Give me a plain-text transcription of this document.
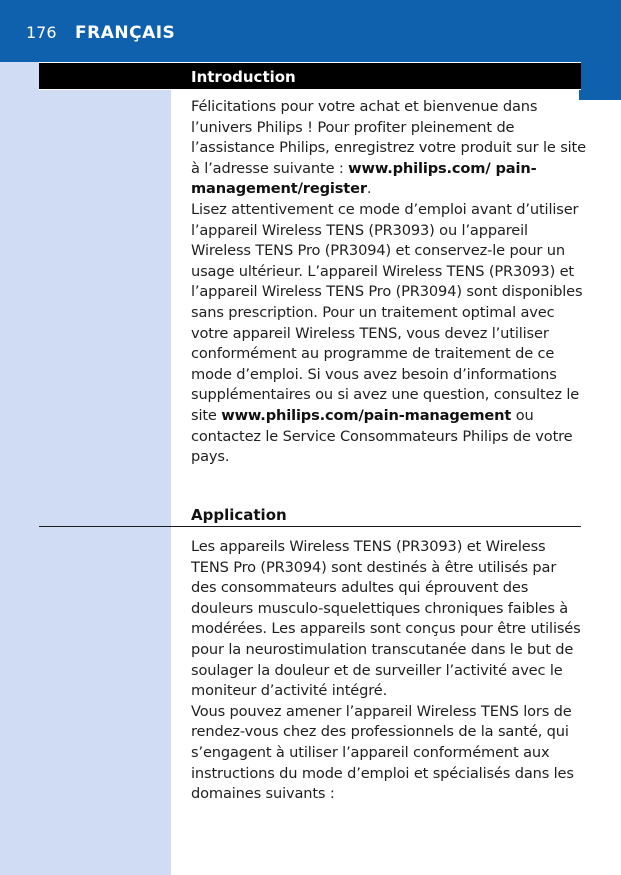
176 FRANÇAIS
Introduction

Félicitations pour votre achat et bienvenue dans l’univers Philips ! Pour profiter pleinement de l’assistance Philips, enregistrez votre produit sur le site à l’adresse suivante : www.philips.com/ pain-management/register.

Lisez attentivement ce mode d’emploi avant d’utiliser l’appareil Wireless TENS (PR3093) ou l’appareil Wireless TENS Pro (PR3094) et conservez-le pour un usage ultérieur. L’appareil Wireless TENS (PR3093) et l’appareil Wireless TENS Pro (PR3094) sont disponibles sans prescription. Pour un traitement optimal avec votre appareil Wireless TENS, vous devez l’utiliser conformément au programme de traitement de ce mode d’emploi. Si vous avez besoin d’informations supplémentaires ou si avez une question, consultez le site www.philips.com/pain-management ou contactez le Service Consommateurs Philips de votre pays.

Application

Les appareils Wireless TENS (PR3093) et Wireless TENS Pro (PR3094) sont destinés à être utilisés par des consommateurs adultes qui éprouvent des douleurs musculo-squelettiques chroniques faibles à modérées. Les appareils sont conçus pour être utilisés pour la neurostimulation transcutanée dans le but de soulager la douleur et de surveiller l’activité avec le moniteur d’activité intégré.

Vous pouvez amener l’appareil Wireless TENS lors de rendez-vous chez des professionnels de la santé, qui s’engagent à utiliser l’appareil conformément aux instructions du mode d’emploi et spécialisés dans les domaines suivants :
